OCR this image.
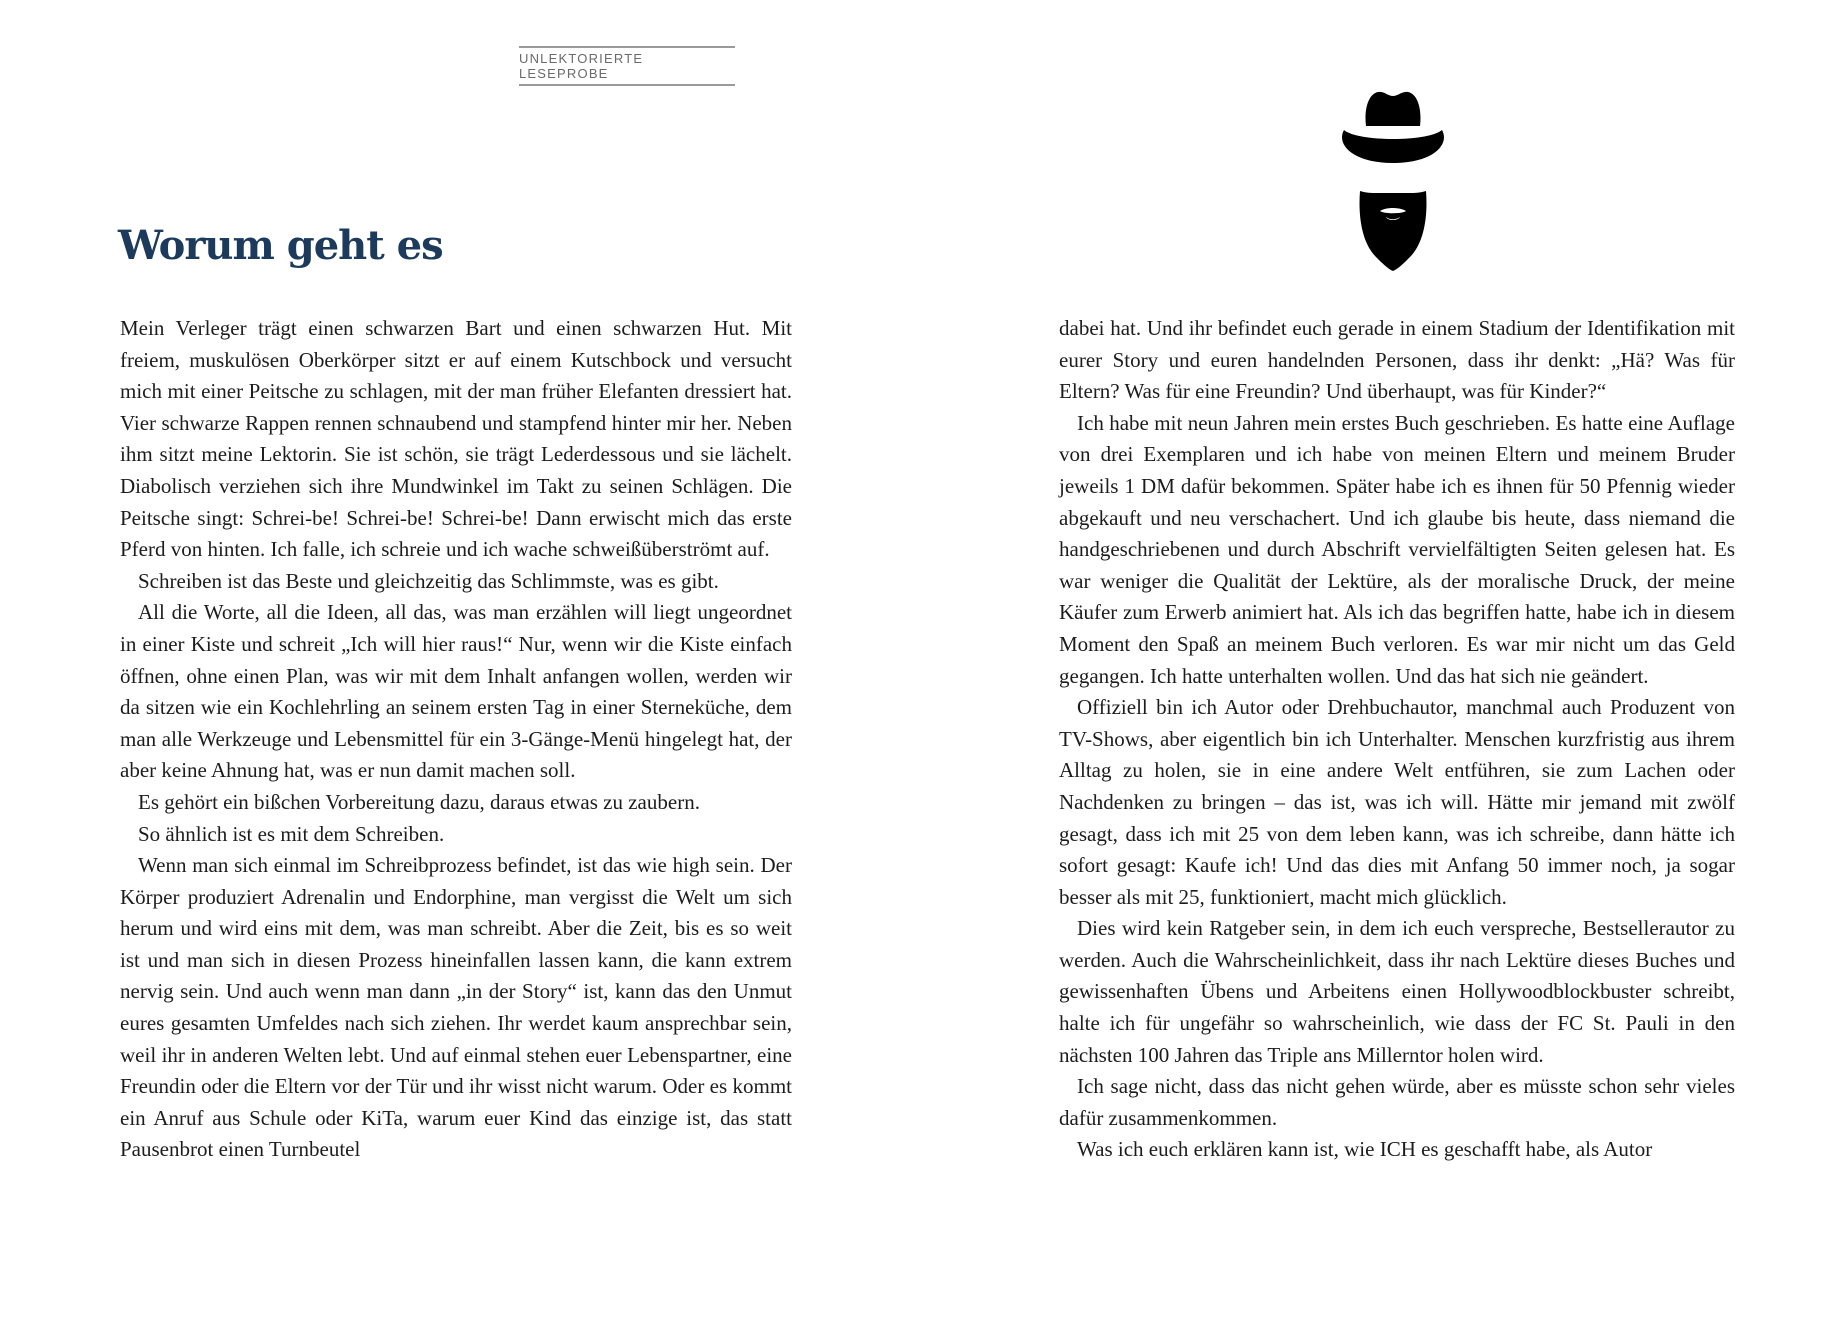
UNLEKTORIERTE LESEPROBE
Worum geht es

Mein Verleger trägt einen schwarzen Bart und einen schwarzen Hut. Mit freiem, muskulösen Oberkörper sitzt er auf einem Kutschbock und versucht mich mit einer Peitsche zu schlagen, mit der man früher Elefanten dressiert hat. Vier schwarze Rappen rennen schnaubend und stampfend hinter mir her. Neben ihm sitzt meine Lektorin. Sie ist schön, sie trägt Lederdessous und sie lächelt. Diabolisch verziehen sich ihre Mundwinkel im Takt zu seinen Schlägen. Die Peitsche singt: Schrei-be! Schrei-be! Schrei-be! Dann erwischt mich das erste Pferd von hinten. Ich falle, ich schreie und ich wache schweißüberströmt auf.

Schreiben ist das Beste und gleichzeitig das Schlimmste, was es gibt.

All die Worte, all die Ideen, all das, was man erzählen will liegt ungeordnet in einer Kiste und schreit „Ich will hier raus!“ Nur, wenn wir die Kiste einfach öffnen, ohne einen Plan, was wir mit dem Inhalt anfangen wollen, werden wir da sitzen wie ein Kochlehrling an seinem ersten Tag in einer Sterneküche, dem man alle Werkzeuge und Lebensmittel für ein 3-Gänge-Menü hingelegt hat, der aber keine Ahnung hat, was er nun damit machen soll.

Es gehört ein bißchen Vorbereitung dazu, daraus etwas zu zaubern.

So ähnlich ist es mit dem Schreiben.

Wenn man sich einmal im Schreibprozess befindet, ist das wie high sein. Der Körper produziert Adrenalin und Endorphine, man vergisst die Welt um sich herum und wird eins mit dem, was man schreibt. Aber die Zeit, bis es so weit ist und man sich in diesen Prozess hineinfallen lassen kann, die kann extrem nervig sein. Und auch wenn man dann „in der Story“ ist, kann das den Unmut eures gesamten Umfeldes nach sich ziehen. Ihr werdet kaum ansprechbar sein, weil ihr in anderen Welten lebt. Und auf einmal stehen euer Lebenspartner, eine Freundin oder die Eltern vor der Tür und ihr wisst nicht warum. Oder es kommt ein Anruf aus Schule oder KiTa, warum euer Kind das einzige ist, das statt Pausenbrot einen Turnbeutel

dabei hat. Und ihr befindet euch gerade in einem Stadium der Identifikation mit eurer Story und euren handelnden Personen, dass ihr denkt: „Hä? Was für Eltern? Was für eine Freundin? Und überhaupt, was für Kinder?“

Ich habe mit neun Jahren mein erstes Buch geschrieben. Es hatte eine Auflage von drei Exemplaren und ich habe von meinen Eltern und meinem Bruder jeweils 1 DM dafür bekommen. Später habe ich es ihnen für 50 Pfennig wieder abgekauft und neu verschachert. Und ich glaube bis heute, dass niemand die handgeschriebenen und durch Abschrift vervielfältigten Seiten gelesen hat. Es war weniger die Qualität der Lektüre, als der moralische Druck, der meine Käufer zum Erwerb animiert hat. Als ich das begriffen hatte, habe ich in diesem Moment den Spaß an meinem Buch verloren. Es war mir nicht um das Geld gegangen. Ich hatte unterhalten wollen. Und das hat sich nie geändert.

Offiziell bin ich Autor oder Drehbuchautor, manchmal auch Produzent von TV-Shows, aber eigentlich bin ich Unterhalter. Menschen kurzfristig aus ihrem Alltag zu holen, sie in eine andere Welt entführen, sie zum Lachen oder Nachdenken zu bringen – das ist, was ich will. Hätte mir jemand mit zwölf gesagt, dass ich mit 25 von dem leben kann, was ich schreibe, dann hätte ich sofort gesagt: Kaufe ich! Und das dies mit Anfang 50 immer noch, ja sogar besser als mit 25, funktioniert, macht mich glücklich.

Dies wird kein Ratgeber sein, in dem ich euch verspreche, Bestsellerautor zu werden. Auch die Wahrscheinlichkeit, dass ihr nach Lektüre dieses Buches und gewissenhaften Übens und Arbeitens einen Hollywoodblockbuster schreibt, halte ich für ungefähr so wahrscheinlich, wie dass der FC St. Pauli in den nächsten 100 Jahren das Triple ans Millerntor holen wird.

Ich sage nicht, dass das nicht gehen würde, aber es müsste schon sehr vieles dafür zusammenkommen.

Was ich euch erklären kann ist, wie ICH es geschafft habe, als Autor
